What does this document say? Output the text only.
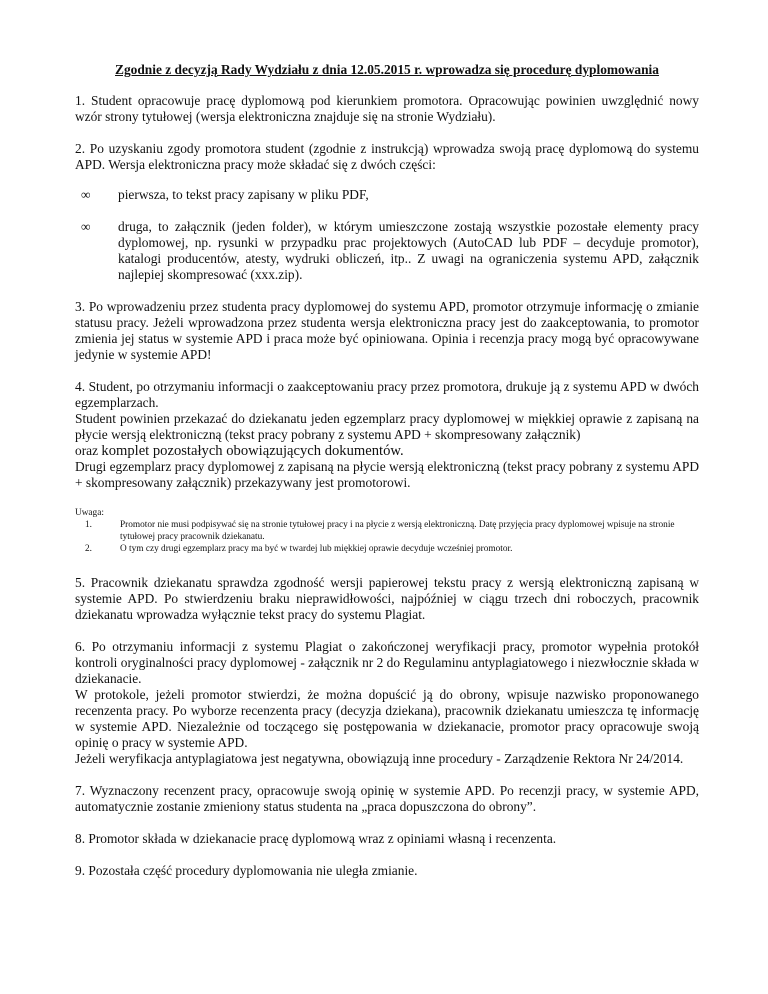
Zgodnie z decyzją Rady Wydziału z dnia 12.05.2015 r. wprowadza się procedurę dyplomowania

1. Student opracowuje pracę dyplomową pod kierunkiem promotora. Opracowując powinien uwzględnić nowy wzór strony tytułowej (wersja elektroniczna znajduje się na stronie Wydziału).

2. Po uzyskaniu zgody promotora student (zgodnie z instrukcją) wprowadza swoją pracę dyplomową do systemu APD. Wersja elektroniczna pracy może składać się z dwóch części:

∞	pierwsza, to tekst pracy zapisany w pliku PDF,
∞	druga, to załącznik (jeden folder), w którym umieszczone zostają wszystkie pozostałe elementy pracy dyplomowej, np. rysunki w przypadku prac projektowych (AutoCAD lub PDF – decyduje promotor), katalogi producentów, atesty, wydruki obliczeń, itp.. Z uwagi na ograniczenia systemu APD, załącznik najlepiej skompresować (xxx.zip).

3. Po wprowadzeniu przez studenta pracy dyplomowej do systemu APD, promotor otrzymuje informację o zmianie statusu pracy. Jeżeli wprowadzona przez studenta wersja elektroniczna pracy jest do zaakceptowania, to promotor zmienia jej status w systemie APD i praca może być opiniowana. Opinia i recenzja pracy mogą być opracowywane jedynie w systemie APD!

4. Student, po otrzymaniu informacji o zaakceptowaniu pracy przez promotora, drukuje ją z systemu APD w dwóch egzemplarzach.
Student powinien przekazać do dziekanatu jeden egzemplarz pracy dyplomowej w miękkiej oprawie z zapisaną na płycie wersją elektroniczną (tekst pracy pobrany z systemu APD + skompresowany załącznik)
oraz komplet pozostałych obowiązujących dokumentów.
Drugi egzemplarz pracy dyplomowej z zapisaną na płycie wersją elektroniczną (tekst pracy pobrany z systemu APD + skompresowany załącznik) przekazywany jest promotorowi.
Uwaga:
1.	Promotor nie musi podpisywać się na stronie tytułowej pracy i na płycie z wersją elektroniczną. Datę przyjęcia pracy dyplomowej wpisuje na stronie tytułowej pracy pracownik dziekanatu.
2.	O tym czy drugi egzemplarz pracy ma być w twardej lub miękkiej oprawie decyduje wcześniej promotor.

5. Pracownik dziekanatu sprawdza zgodność wersji papierowej tekstu pracy z wersją elektroniczną zapisaną w systemie APD. Po stwierdzeniu braku nieprawidłowości, najpóźniej w ciągu trzech dni roboczych, pracownik dziekanatu wprowadza wyłącznie tekst pracy do systemu Plagiat.

6. Po otrzymaniu informacji z systemu Plagiat o zakończonej weryfikacji pracy, promotor wypełnia protokół kontroli oryginalności pracy dyplomowej - załącznik nr 2 do Regulaminu antyplagiatowego i niezwłocznie składa w dziekanacie.
W protokole, jeżeli promotor stwierdzi, że można dopuścić ją do obrony, wpisuje nazwisko proponowanego recenzenta pracy. Po wyborze recenzenta pracy (decyzja dziekana), pracownik dziekanatu umieszcza tę informację w systemie APD. Niezależnie od toczącego się postępowania w dziekanacie, promotor pracy opracowuje swoją opinię o pracy w systemie APD.
Jeżeli weryfikacja antyplagiatowa jest negatywna, obowiązują inne procedury - Zarządzenie Rektora Nr 24/2014.

7. Wyznaczony recenzent pracy, opracowuje swoją opinię w systemie APD. Po recenzji pracy, w systemie APD, automatycznie zostanie zmieniony status studenta na „praca dopuszczona do obrony”.

8. Promotor składa w dziekanacie pracę dyplomową wraz z opiniami własną i recenzenta.

9. Pozostała część procedury dyplomowania nie uległa zmianie.
